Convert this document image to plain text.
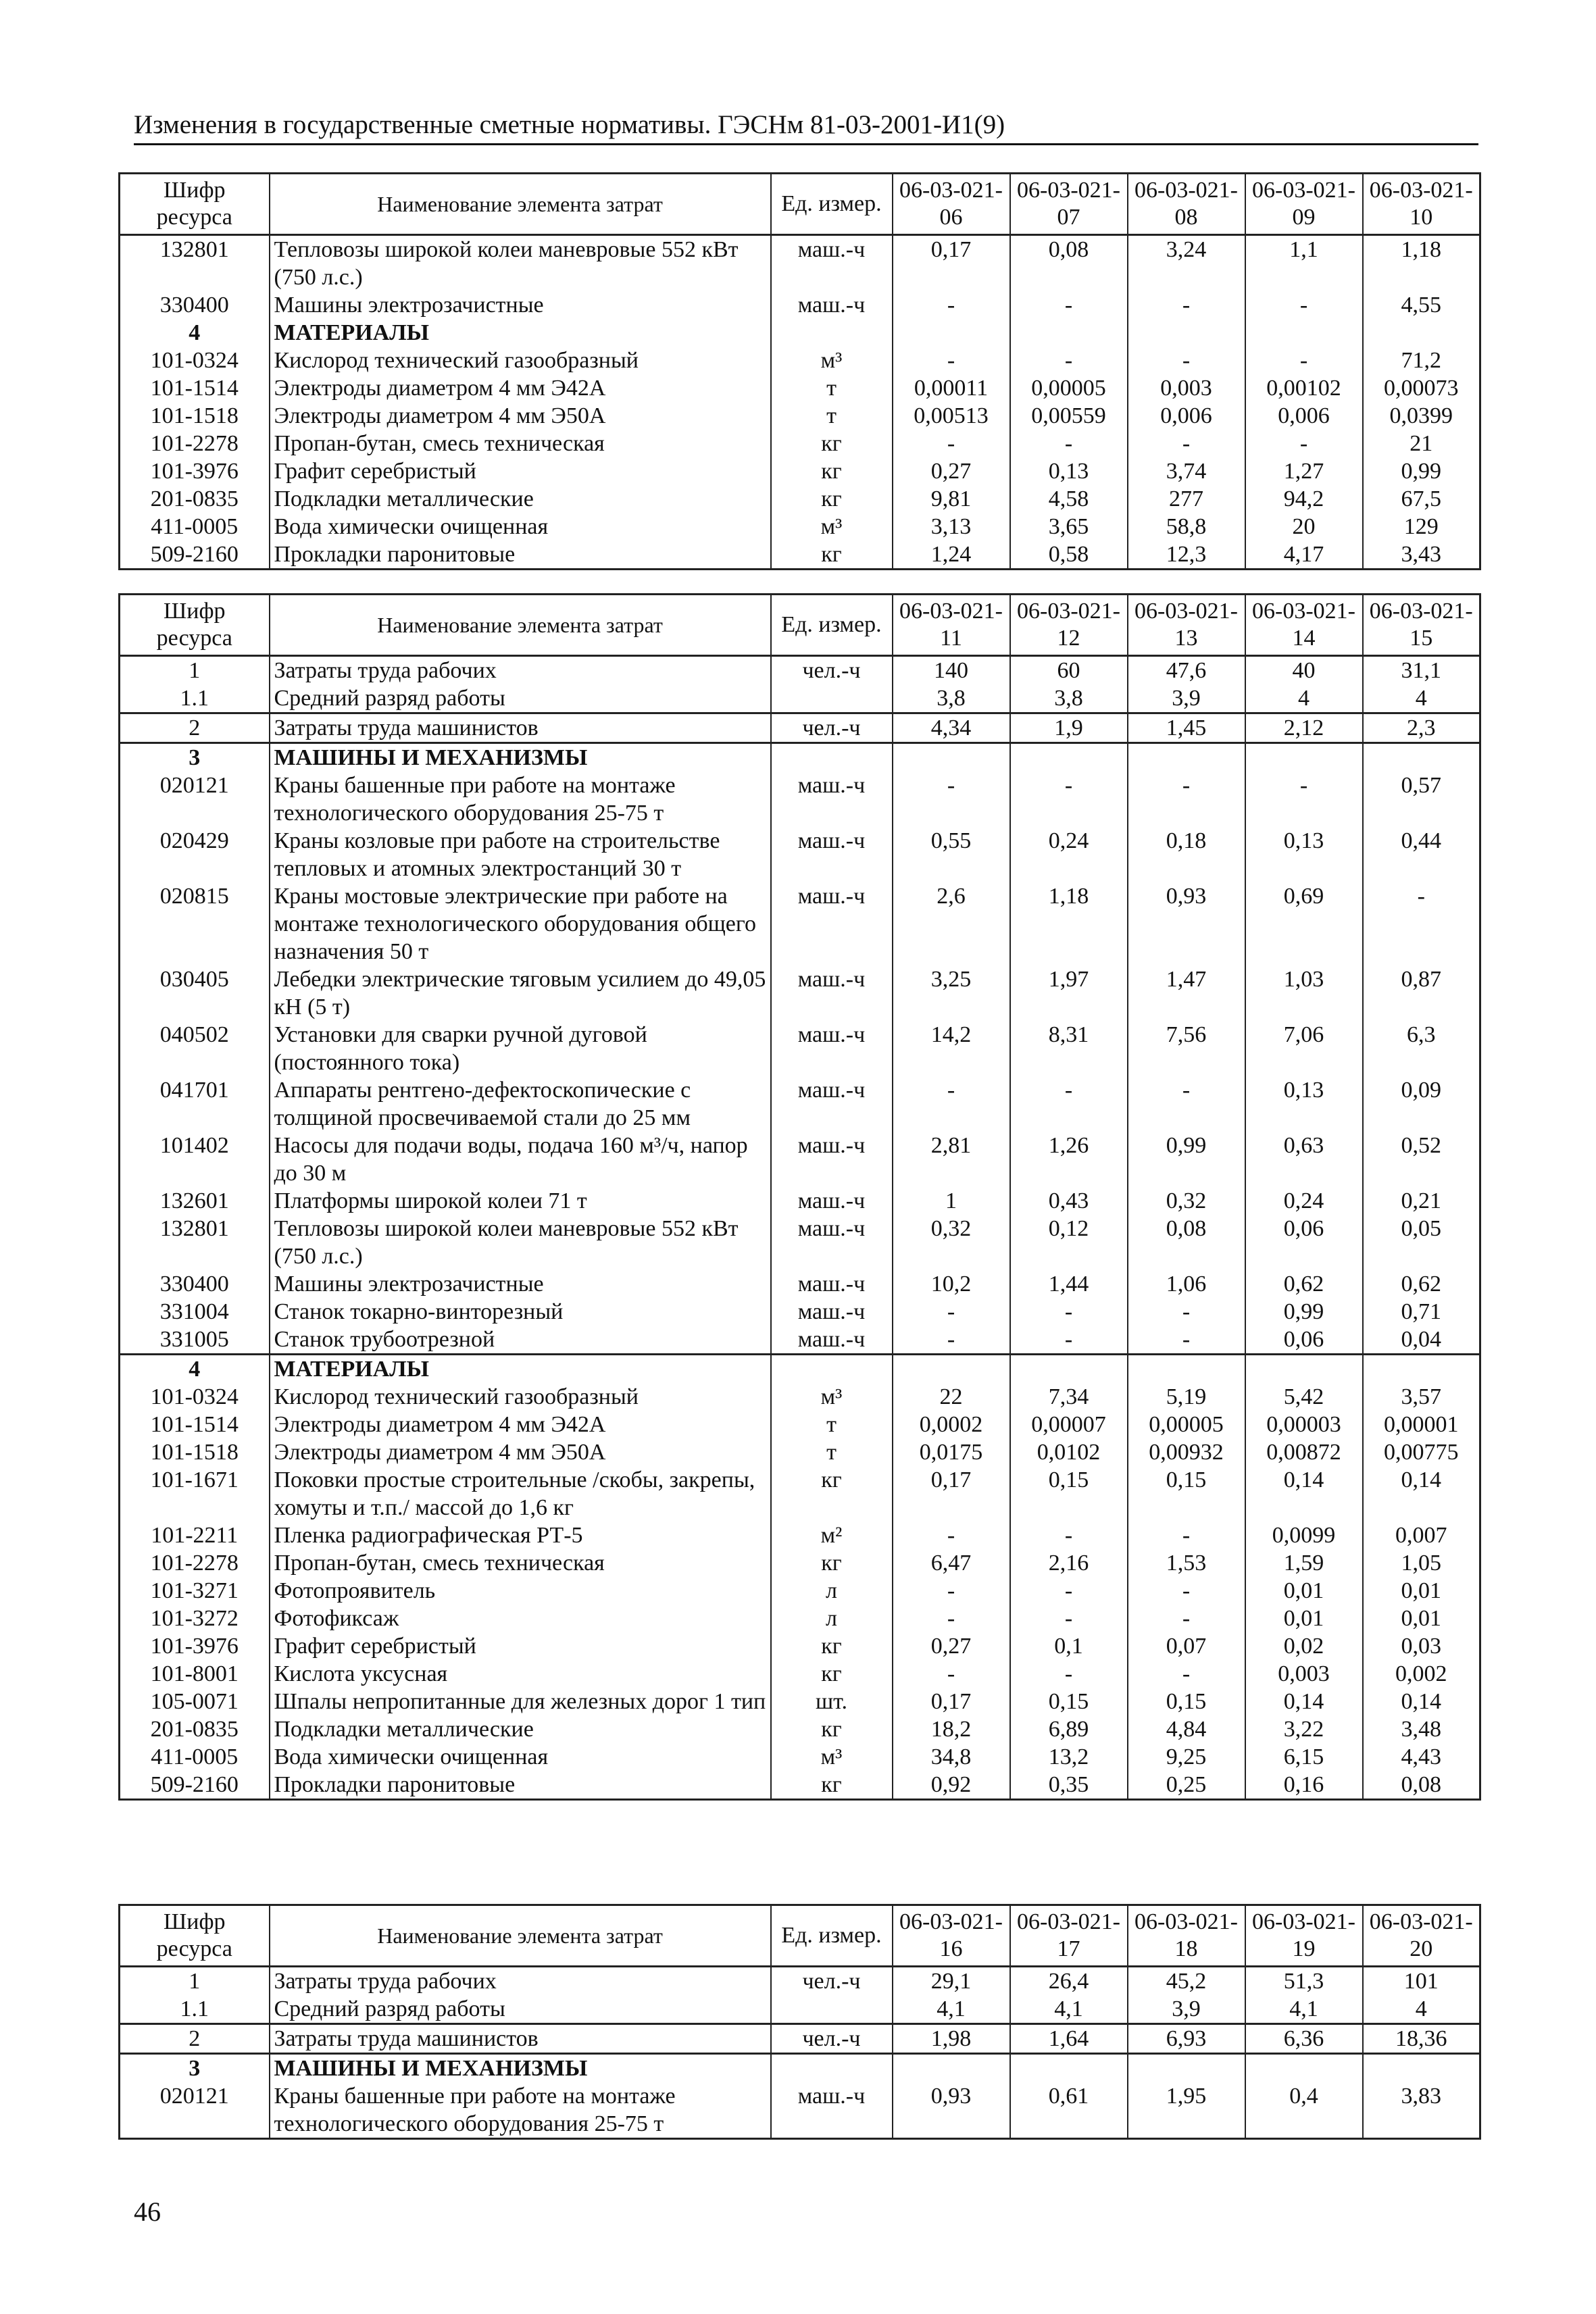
Изменения в государственные сметные нормативы. ГЭСНм 81-03-2001-И1(9)
Шифр ресурса	Наименование элемента затрат	Ед. измер.	06-03-021-06	06-03-021-07	06-03-021-08	06-03-021-09	06-03-021-10
132801	Тепловозы широкой колеи маневровые 552 кВт (750 л.с.)	маш.-ч	0,17	0,08	3,24	1,1	1,18
330400	Машины электрозачистные	маш.-ч	-	-	-	-	4,55
4	МАТЕРИАЛЫ						
101-0324	Кислород технический газообразный	м³	-	-	-	-	71,2
101-1514	Электроды диаметром 4 мм Э42А	т	0,00011	0,00005	0,003	0,00102	0,00073
101-1518	Электроды диаметром 4 мм Э50А	т	0,00513	0,00559	0,006	0,006	0,0399
101-2278	Пропан-бутан, смесь техническая	кг	-	-	-	-	21
101-3976	Графит серебристый	кг	0,27	0,13	3,74	1,27	0,99
201-0835	Подкладки металлические	кг	9,81	4,58	277	94,2	67,5
411-0005	Вода химически очищенная	м³	3,13	3,65	58,8	20	129
509-2160	Прокладки паронитовые	кг	1,24	0,58	12,3	4,17	3,43
Шифр ресурса	Наименование элемента затрат	Ед. измер.	06-03-021-11	06-03-021-12	06-03-021-13	06-03-021-14	06-03-021-15
1	Затраты труда рабочих	чел.-ч	140	60	47,6	40	31,1
1.1	Средний разряд работы		3,8	3,8	3,9	4	4
2	Затраты труда машинистов	чел.-ч	4,34	1,9	1,45	2,12	2,3
3	МАШИНЫ И МЕХАНИЗМЫ						
020121	Краны башенные при работе на монтаже технологического оборудования 25-75 т	маш.-ч	-	-	-	-	0,57
020429	Краны козловые при работе на строительстве тепловых и атомных электростанций 30 т	маш.-ч	0,55	0,24	0,18	0,13	0,44
020815	Краны мостовые электрические при работе на монтаже технологического оборудования общего назначения 50 т	маш.-ч	2,6	1,18	0,93	0,69	-
030405	Лебедки электрические тяговым усилием до 49,05 кН (5 т)	маш.-ч	3,25	1,97	1,47	1,03	0,87
040502	Установки для сварки ручной дуговой (постоянного тока)	маш.-ч	14,2	8,31	7,56	7,06	6,3
041701	Аппараты рентгено-дефектоскопические с толщиной просвечиваемой стали до 25 мм	маш.-ч	-	-	-	0,13	0,09
101402	Насосы для подачи воды, подача 160 м³/ч, напор до 30 м	маш.-ч	2,81	1,26	0,99	0,63	0,52
132601	Платформы широкой колеи 71 т	маш.-ч	1	0,43	0,32	0,24	0,21
132801	Тепловозы широкой колеи маневровые 552 кВт (750 л.с.)	маш.-ч	0,32	0,12	0,08	0,06	0,05
330400	Машины электрозачистные	маш.-ч	10,2	1,44	1,06	0,62	0,62
331004	Станок токарно-винторезный	маш.-ч	-	-	-	0,99	0,71
331005	Станок трубоотрезной	маш.-ч	-	-	-	0,06	0,04
4	МАТЕРИАЛЫ						
101-0324	Кислород технический газообразный	м³	22	7,34	5,19	5,42	3,57
101-1514	Электроды диаметром 4 мм Э42А	т	0,0002	0,00007	0,00005	0,00003	0,00001
101-1518	Электроды диаметром 4 мм Э50А	т	0,0175	0,0102	0,00932	0,00872	0,00775
101-1671	Поковки простые строительные /скобы, закрепы, хомуты и т.п./ массой до 1,6 кг	кг	0,17	0,15	0,15	0,14	0,14
101-2211	Пленка радиографическая РТ-5	м²	-	-	-	0,0099	0,007
101-2278	Пропан-бутан, смесь техническая	кг	6,47	2,16	1,53	1,59	1,05
101-3271	Фотопроявитель	л	-	-	-	0,01	0,01
101-3272	Фотофиксаж	л	-	-	-	0,01	0,01
101-3976	Графит серебристый	кг	0,27	0,1	0,07	0,02	0,03
101-8001	Кислота уксусная	кг	-	-	-	0,003	0,002
105-0071	Шпалы непропитанные для железных дорог 1 тип	шт.	0,17	0,15	0,15	0,14	0,14
201-0835	Подкладки металлические	кг	18,2	6,89	4,84	3,22	3,48
411-0005	Вода химически очищенная	м³	34,8	13,2	9,25	6,15	4,43
509-2160	Прокладки паронитовые	кг	0,92	0,35	0,25	0,16	0,08
Шифр ресурса	Наименование элемента затрат	Ед. измер.	06-03-021-16	06-03-021-17	06-03-021-18	06-03-021-19	06-03-021-20
1	Затраты труда рабочих	чел.-ч	29,1	26,4	45,2	51,3	101
1.1	Средний разряд работы		4,1	4,1	3,9	4,1	4
2	Затраты труда машинистов	чел.-ч	1,98	1,64	6,93	6,36	18,36
3	МАШИНЫ И МЕХАНИЗМЫ						
020121	Краны башенные при работе на монтаже технологического оборудования 25-75 т	маш.-ч	0,93	0,61	1,95	0,4	3,83
46
